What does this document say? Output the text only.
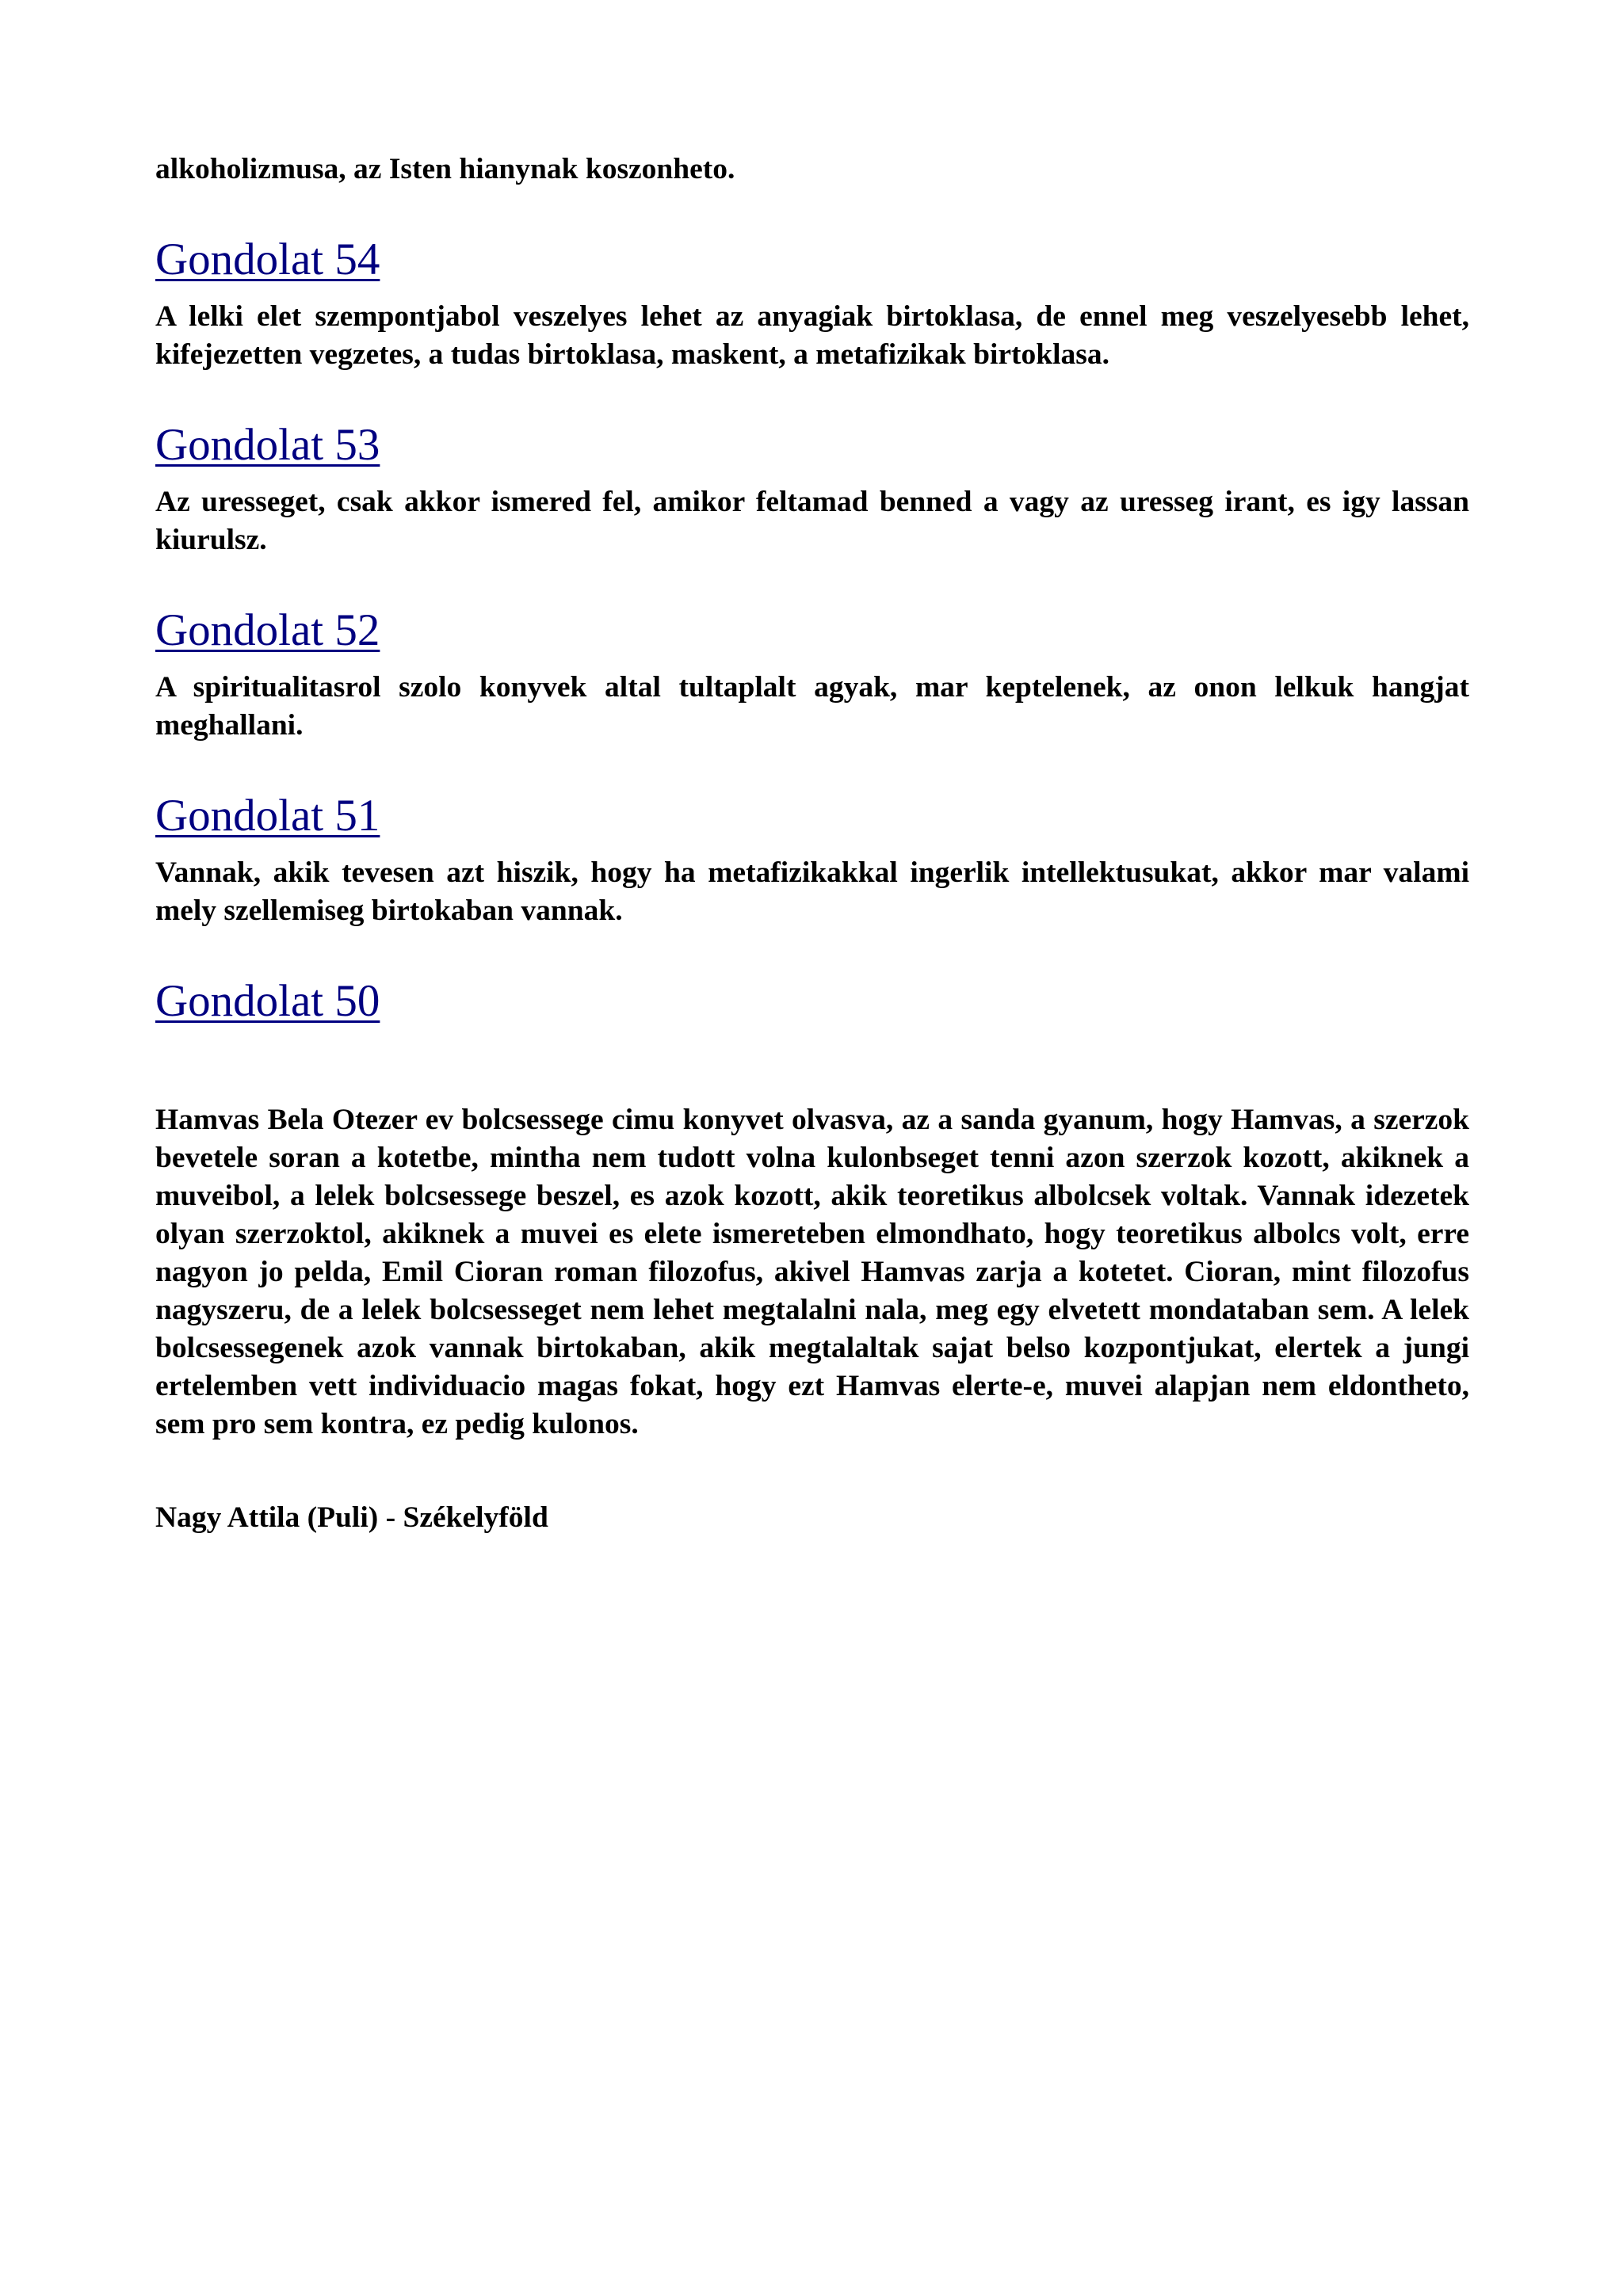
alkoholizmusa, az Isten hianynak koszonheto.

Gondolat 54

A lelki elet szempontjabol veszelyes lehet az anyagiak birtoklasa, de ennel meg veszelyesebb lehet, kifejezetten vegzetes, a tudas birtoklasa, maskent, a metafizikak birtoklasa.

Gondolat 53

Az uresseget, csak akkor ismered fel, amikor feltamad benned a vagy az uresseg irant, es igy lassan kiurulsz.

Gondolat 52

A spiritualitasrol szolo konyvek altal tultaplalt agyak, mar keptelenek, az onon lelkuk hangjat meghallani.

Gondolat 51

Vannak, akik tevesen azt hiszik, hogy ha metafizikakkal ingerlik intellektusukat, akkor mar valami mely szellemiseg birtokaban vannak.

Gondolat 50

Hamvas Bela Otezer ev bolcsessege cimu konyvet olvasva, az a sanda gyanum, hogy Hamvas, a szerzok bevetele soran a kotetbe, mintha nem tudott volna kulonbseget tenni azon szerzok kozott, akiknek a muveibol, a lelek bolcsessege beszel, es azok kozott, akik teoretikus albolcsek voltak. Vannak idezetek olyan szerzoktol, akiknek a muvei es elete ismereteben elmondhato, hogy teoretikus albolcs volt, erre nagyon jo pelda, Emil Cioran roman filozofus, akivel Hamvas zarja a kotetet. Cioran, mint filozofus nagyszeru, de a lelek bolcsesseget nem lehet megtalalni nala, meg egy elvetett mondataban sem. A lelek bolcsessegenek azok vannak birtokaban, akik megtalaltak sajat belso kozpontjukat, elertek a jungi ertelemben vett individuacio magas fokat, hogy ezt Hamvas elerte-e, muvei alapjan nem eldontheto, sem pro sem kontra, ez pedig kulonos.

Nagy Attila (Puli) - Székelyföld
